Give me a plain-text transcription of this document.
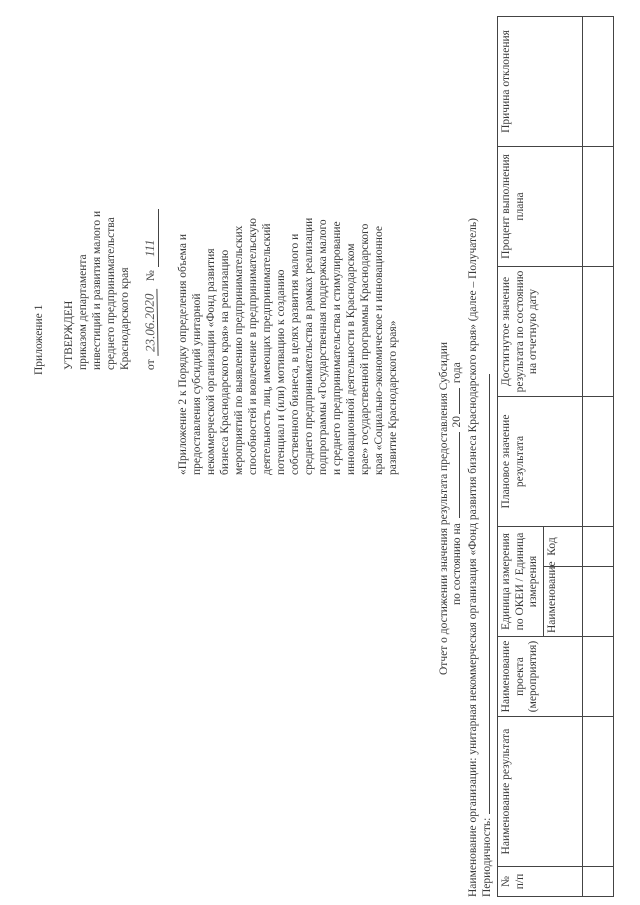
Приложение 1 УТВЕРЖДЕН приказом департамента инвестиций и развития малого и среднего предпринимательства Краснодарского края от 23.06.2020 № 111 «Приложение 2 к Порядку определения объема и предоставления субсидий унитарной некоммерческой организации «Фонд развития бизнеса Краснодарского края» на реализацию мероприятий по выявлению предпринимательских способностей и вовлечение в предпринимательскую деятельность лиц, имеющих предпринимательский потенциал и (или) мотивацию к созданию собственного бизнеса, в целях развития малого и среднего предпринимательства в рамках реализации подпрограммы «Государственная поддержка малого и среднего предпринимательства и стимулирование инновационной деятельности в Краснодарском крае» государственной программы Краснодарского края «Социально-экономическое и инновационное развитие Краснодарского края»	Отчет о достижении значения результата предоставления Субсидии по состоянию на  20 года Наименование организации: унитарная некоммерческая организация «Фонд развития бизнеса Краснодарского края» (далее – Получатель) Периодичность: № п/п	Наименование результата	Наименование проекта (мероприятия)	Единица измерения по ОКЕИ / Единица измерения		Плановое значение результата	Достигнутое значение результата по состоянию на отчетную дату	Процент выполнения плана	Причина отклонения
			Наименование	Код				
